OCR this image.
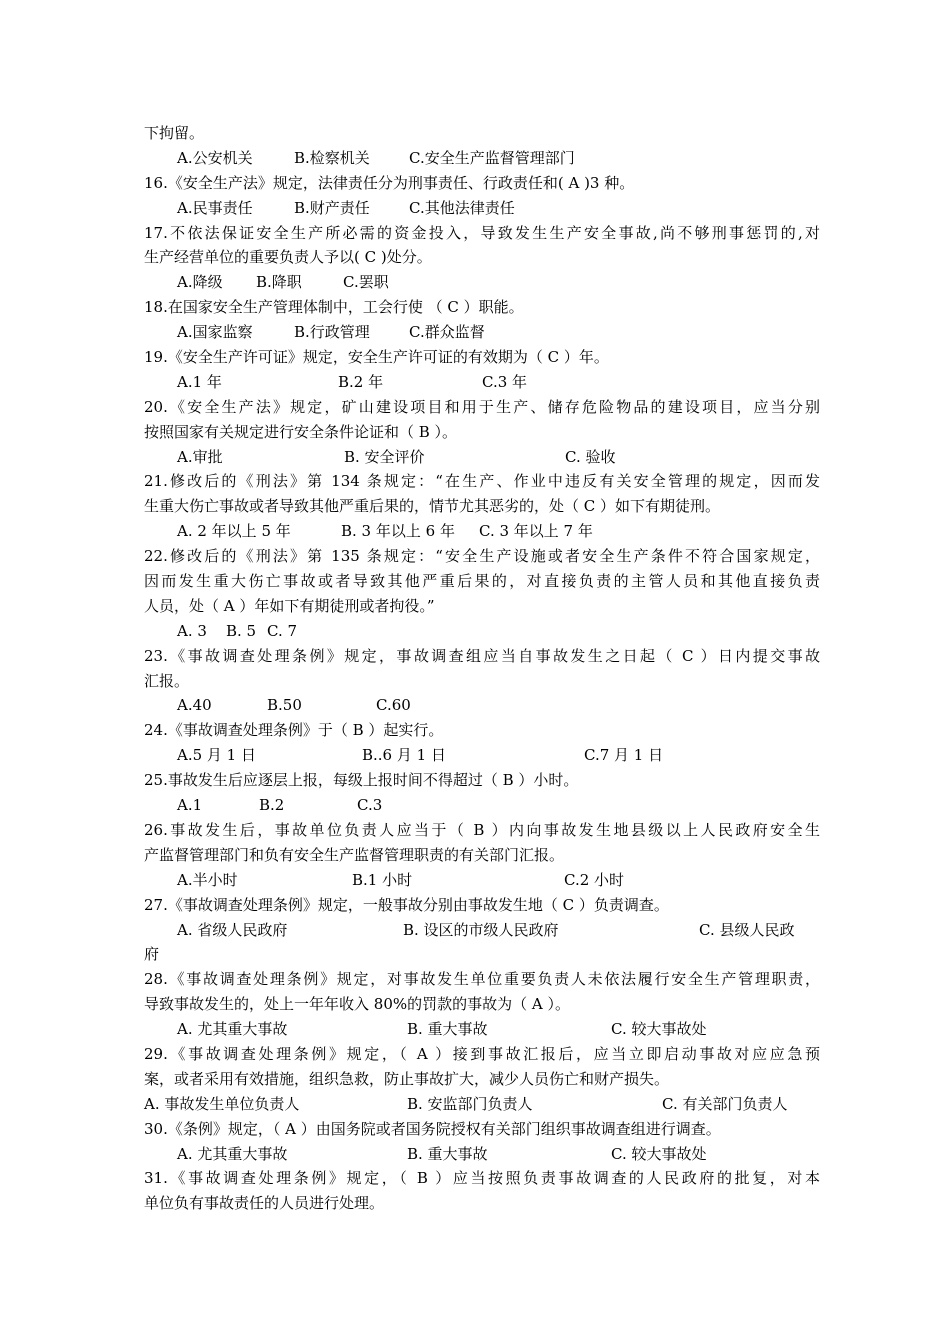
下拘留。
A.公安机关	B.检察机关	C.安全生产监督管理部门
16.《安全生产法》规定，法律责任分为刑事责任、行政责任和( A )3 种。
A.民事责任	B.财产责任	C.其他法律责任
17.不依法保证安全生产所必需的资金投入，导致发生生产安全事故,尚不够刑事惩罚的,对
生产经营单位的重要负责人予以( C )处分。
A.降级 B.降职	C.罢职
18.在国家安全生产管理体制中，工会行使 （ C ）职能。
A.国家监察	B.行政管理	C.群众监督
19.《安全生产许可证》规定，安全生产许可证的有效期为（ C ）年。
A.1 年	B.2 年	C.3 年
20.《安全生产法》规定，矿山建设项目和用于生产、储存危险物品的建设项目，应当分别
按照国家有关规定进行安全条件论证和（ B ）。
A.审批	B. 安全评价	C. 验收
21.修改后的《刑法》第 134 条规定：“在生产、作业中违反有关安全管理的规定，因而发
生重大伤亡事故或者导致其他严重后果的，情节尤其恶劣的，处（ C ）如下有期徒刑。
A. 2 年以上 5 年	B. 3 年以上 6 年 C. 3 年以上 7 年
22.修改后的《刑法》第 135 条规定：“安全生产设施或者安全生产条件不符合国家规定，
因而发生重大伤亡事故或者导致其他严重后果的，对直接负责的主管人员和其他直接负责
人员，处（ A ）年如下有期徒刑或者拘役。”
A. 3 B. 5 C. 7
23.《事故调查处理条例》规定，事故调查组应当自事故发生之日起（ C ）日内提交事故
汇报。
A.40	B.50	C.60
24.《事故调查处理条例》于（ B ）起实行。
A.5 月 1 日	B..6 月 1 日	C.7 月 1 日
25.事故发生后应逐层上报，每级上报时间不得超过（ B ）小时。
A.1	B.2	C.3
26.事故发生后，事故单位负责人应当于（ B ）内向事故发生地县级以上人民政府安全生
产监督管理部门和负有安全生产监督管理职责的有关部门汇报。
A.半小时	B.1 小时	C.2 小时
27.《事故调查处理条例》规定，一般事故分别由事故发生地（ C ）负责调查。
A. 省级人民政府	B. 设区的市级人民政府	C. 县级人民政
府
28.《事故调查处理条例》规定，对事故发生单位重要负责人未依法履行安全生产管理职责，
导致事故发生的，处上一年年收入 80%的罚款的事故为（ A ）。
A. 尤其重大事故	B. 重大事故	C. 较大事故处
29.《事故调查处理条例》规定，（ A ）接到事故汇报后，应当立即启动事故对应应急预
案，或者采用有效措施，组织急救，防止事故扩大，减少人员伤亡和财产损失。
A. 事故发生单位负责人	B. 安监部门负责人	C. 有关部门负责人
30.《条例》规定，（ A ）由国务院或者国务院授权有关部门组织事故调查组进行调查。
A. 尤其重大事故	B. 重大事故	C. 较大事故处
31.《事故调查处理条例》规定，（ B ）应当按照负责事故调查的人民政府的批复，对本
单位负有事故责任的人员进行处理。
